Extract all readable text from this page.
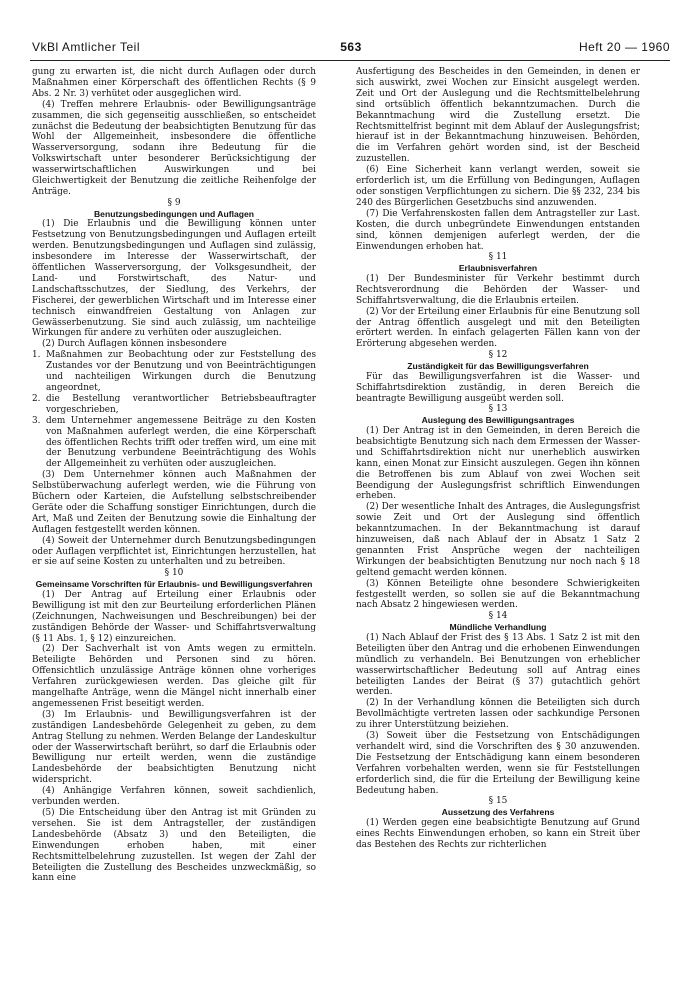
VkBl Amtlicher Teil	563	Heft 20 — 1960

gung zu erwarten ist, die nicht durch Auflagen oder durch Maßnahmen einer Körperschaft des öffentlichen Rechts (§ 9 Abs. 2 Nr. 3) verhütet oder ausgeglichen wird.

(4) Treffen mehrere Erlaubnis- oder Bewilligungsanträge zusammen, die sich gegenseitig ausschließen, so entscheidet zunächst die Bedeutung der beabsichtigten Benutzung für das Wohl der Allgemeinheit, insbesondere die öffentliche Wasserversorgung, sodann ihre Bedeutung für die Volkswirtschaft unter besonderer Berücksichtigung der wasserwirtschaftlichen Auswirkungen und bei Gleichwertigkeit der Benutzung die zeitliche Reihenfolge der Anträge.

§ 9

Benutzungsbedingungen und Auflagen

(1) Die Erlaubnis und die Bewilligung können unter Festsetzung von Benutzungsbedingungen und Auflagen erteilt werden. Benutzungsbedingungen und Auflagen sind zulässig, insbesondere im Interesse der Wasserwirtschaft, der öffentlichen Wasserversorgung, der Volksgesundheit, der Land- und Forstwirtschaft, des Natur- und Landschaftsschutzes, der Siedlung, des Verkehrs, der Fischerei, der gewerblichen Wirtschaft und im Interesse einer technisch einwandfreien Gestaltung von Anlagen zur Gewässerbenutzung. Sie sind auch zulässig, um nachteilige Wirkungen für andere zu verhüten oder auszugleichen.

(2) Durch Auflagen können insbesondere

1. Maßnahmen zur Beobachtung oder zur Feststellung des Zustandes vor der Benutzung und von Beeinträchtigungen und nachteiligen Wirkungen durch die Benutzung angeordnet,
2. die Bestellung verantwortlicher Betriebsbeauftragter vorgeschrieben,
3. dem Unternehmer angemessene Beiträge zu den Kosten von Maßnahmen auferlegt werden, die eine Körperschaft des öffentlichen Rechts trifft oder treffen wird, um eine mit der Benutzung verbundene Beeinträchtigung des Wohls der Allgemeinheit zu verhüten oder auszugleichen.

(3) Dem Unternehmer können auch Maßnahmen der Selbstüberwachung auferlegt werden, wie die Führung von Büchern oder Karteien, die Aufstellung selbstschreibender Geräte oder die Schaffung sonstiger Einrichtungen, durch die Art, Maß und Zeiten der Benutzung sowie die Einhaltung der Auflagen festgestellt werden können.

(4) Soweit der Unternehmer durch Benutzungsbedingungen oder Auflagen verpflichtet ist, Einrichtungen herzustellen, hat er sie auf seine Kosten zu unterhalten und zu betreiben.

§ 10

Gemeinsame Vorschriften für Erlaubnis- und Bewilligungsverfahren

(1) Der Antrag auf Erteilung einer Erlaubnis oder Bewilligung ist mit den zur Beurteilung erforderlichen Plänen (Zeichnungen, Nachweisungen und Beschreibungen) bei der zuständigen Behörde der Wasser- und Schiffahrtsverwaltung (§ 11 Abs. 1, § 12) einzureichen.

(2) Der Sachverhalt ist von Amts wegen zu ermitteln. Beteiligte Behörden und Personen sind zu hören. Offensichtlich unzulässige Anträge können ohne vorheriges Verfahren zurückgewiesen werden. Das gleiche gilt für mangelhafte Anträge, wenn die Mängel nicht innerhalb einer angemessenen Frist beseitigt werden.

(3) Im Erlaubnis- und Bewilligungsverfahren ist der zuständigen Landesbehörde Gelegenheit zu geben, zu dem Antrag Stellung zu nehmen. Werden Belange der Landeskultur oder der Wasserwirtschaft berührt, so darf die Erlaubnis oder Bewilligung nur erteilt werden, wenn die zuständige Landesbehörde der beabsichtigten Benutzung nicht widerspricht.

(4) Anhängige Verfahren können, soweit sachdienlich, verbunden werden.

(5) Die Entscheidung über den Antrag ist mit Gründen zu versehen. Sie ist dem Antragsteller, der zuständigen Landesbehörde (Absatz 3) und den Beteiligten, die Einwendungen erhoben haben, mit einer Rechtsmittelbelehrung zuzustellen. Ist wegen der Zahl der Beteiligten die Zustellung des Bescheides unzweckmäßig, so kann eine

Ausfertigung des Bescheides in den Gemeinden, in denen er sich auswirkt, zwei Wochen zur Einsicht ausgelegt werden. Zeit und Ort der Auslegung und die Rechtsmittelbelehrung sind ortsüblich öffentlich bekanntzumachen. Durch die Bekanntmachung wird die Zustellung ersetzt. Die Rechtsmittelfrist beginnt mit dem Ablauf der Auslegungsfrist; hierauf ist in der Bekanntmachung hinzuweisen. Behörden, die im Verfahren gehört worden sind, ist der Bescheid zuzustellen.

(6) Eine Sicherheit kann verlangt werden, soweit sie erforderlich ist, um die Erfüllung von Bedingungen, Auflagen oder sonstigen Verpflichtungen zu sichern. Die §§ 232, 234 bis 240 des Bürgerlichen Gesetzbuchs sind anzuwenden.

(7) Die Verfahrenskosten fallen dem Antragsteller zur Last. Kosten, die durch unbegründete Einwendungen entstanden sind, können demjenigen auferlegt werden, der die Einwendungen erhoben hat.

§ 11

Erlaubnisverfahren

(1) Der Bundesminister für Verkehr bestimmt durch Rechtsverordnung die Behörden der Wasser- und Schiffahrtsverwaltung, die die Erlaubnis erteilen.

(2) Vor der Erteilung einer Erlaubnis für eine Benutzung soll der Antrag öffentlich ausgelegt und mit den Beteiligten erörtert werden. In einfach gelagerten Fällen kann von der Erörterung abgesehen werden.

§ 12

Zuständigkeit für das Bewilligungsverfahren

Für das Bewilligungsverfahren ist die Wasser- und Schiffahrtsdirektion zuständig, in deren Bereich die beantragte Bewilligung ausgeübt werden soll.

§ 13

Auslegung des Bewilligungsantrages

(1) Der Antrag ist in den Gemeinden, in deren Bereich die beabsichtigte Benutzung sich nach dem Ermessen der Wasser- und Schiffahrtsdirektion nicht nur unerheblich auswirken kann, einen Monat zur Einsicht auszulegen. Gegen ihn können die Betroffenen bis zum Ablauf von zwei Wochen seit Beendigung der Auslegungsfrist schriftlich Einwendungen erheben.

(2) Der wesentliche Inhalt des Antrages, die Auslegungsfrist sowie Zeit und Ort der Auslegung sind öffentlich bekanntzumachen. In der Bekanntmachung ist darauf hinzuweisen, daß nach Ablauf der in Absatz 1 Satz 2 genannten Frist Ansprüche wegen der nachteiligen Wirkungen der beabsichtigten Benutzung nur noch nach § 18 geltend gemacht werden können.

(3) Können Beteiligte ohne besondere Schwierigkeiten festgestellt werden, so sollen sie auf die Bekanntmachung nach Absatz 2 hingewiesen werden.

§ 14

Mündliche Verhandlung

(1) Nach Ablauf der Frist des § 13 Abs. 1 Satz 2 ist mit den Beteiligten über den Antrag und die erhobenen Einwendungen mündlich zu verhandeln. Bei Benutzungen von erheblicher wasserwirtschaftlicher Bedeutung soll auf Antrag eines beteiligten Landes der Beirat (§ 37) gutachtlich gehört werden.

(2) In der Verhandlung können die Beteiligten sich durch Bevollmächtigte vertreten lassen oder sachkundige Personen zu ihrer Unterstützung beiziehen.

(3) Soweit über die Festsetzung von Entschädigungen verhandelt wird, sind die Vorschriften des § 30 anzuwenden. Die Festsetzung der Entschädigung kann einem besonderen Verfahren vorbehalten werden, wenn sie für Feststellungen erforderlich sind, die für die Erteilung der Bewilligung keine Bedeutung haben.

§ 15

Aussetzung des Verfahrens

(1) Werden gegen eine beabsichtigte Benutzung auf Grund eines Rechts Einwendungen erhoben, so kann ein Streit über das Bestehen des Rechts zur richterlichen
